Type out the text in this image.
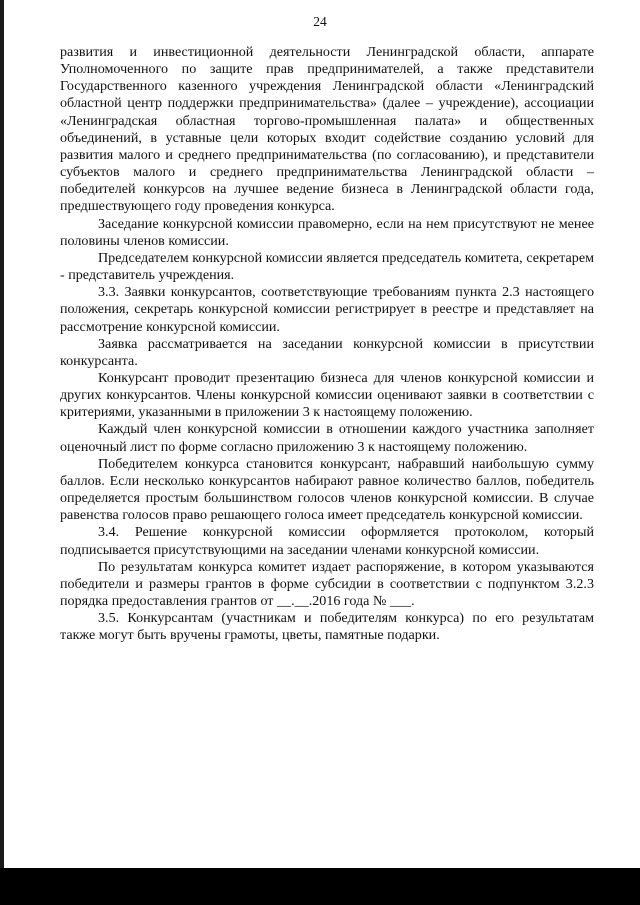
24

развития и инвестиционной деятельности Ленинградской области, аппарате Уполномоченного по защите прав предпринимателей, а также представители Государственного казенного учреждения Ленинградской области «Ленинградский областной центр поддержки предпринимательства» (далее – учреждение), ассоциации «Ленинградская областная торгово-промышленная палата» и общественных объединений, в уставные цели которых входит содействие созданию условий для развития малого и среднего предпринимательства (по согласованию), и представители субъектов малого и среднего предпринимательства Ленинградской области – победителей конкурсов на лучшее ведение бизнеса в Ленинградской области года, предшествующего году проведения конкурса.

Заседание конкурсной комиссии правомерно, если на нем присутствуют не менее половины членов комиссии.

Председателем конкурсной комиссии является председатель комитета, секретарем - представитель учреждения.

3.3. Заявки конкурсантов, соответствующие требованиям пункта 2.3 настоящего положения, секретарь конкурсной комиссии регистрирует в реестре и представляет на рассмотрение конкурсной комиссии.

Заявка рассматривается на заседании конкурсной комиссии в присутствии конкурсанта.

Конкурсант проводит презентацию бизнеса для членов конкурсной комиссии и других конкурсантов. Члены конкурсной комиссии оценивают заявки в соответствии с критериями, указанными в приложении 3 к настоящему положению.

Каждый член конкурсной комиссии в отношении каждого участника заполняет оценочный лист по форме согласно приложению 3 к настоящему положению.

Победителем конкурса становится конкурсант, набравший наибольшую сумму баллов. Если несколько конкурсантов набирают равное количество баллов, победитель определяется простым большинством голосов членов конкурсной комиссии. В случае равенства голосов право решающего голоса имеет председатель конкурсной комиссии.

3.4. Решение конкурсной комиссии оформляется протоколом, который подписывается присутствующими на заседании членами конкурсной комиссии.

По результатам конкурса комитет издает распоряжение, в котором указываются победители и размеры грантов в форме субсидии в соответствии с подпунктом 3.2.3 порядка предоставления грантов от __.__.2016 года № ___.

3.5. Конкурсантам (участникам и победителям конкурса) по его результатам также могут быть вручены грамоты, цветы, памятные подарки.
